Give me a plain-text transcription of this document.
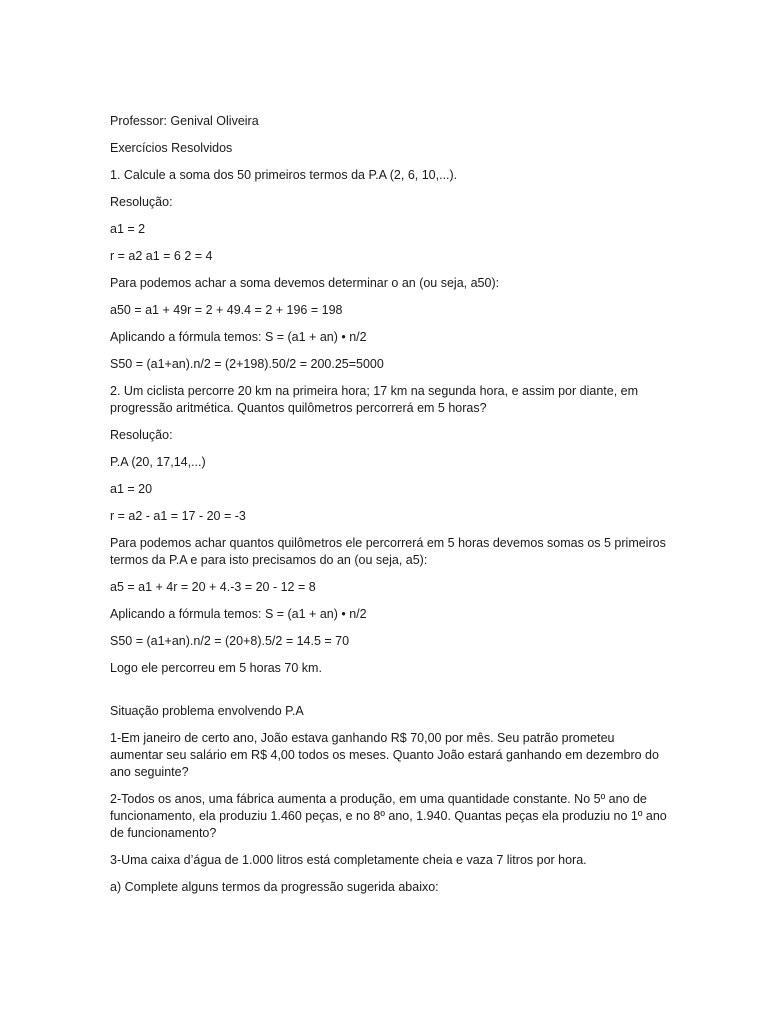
Professor: Genival Oliveira

Exercícios Resolvidos

1. Calcule a soma dos 50 primeiros termos da P.A (2, 6, 10,...).

Resolução:

a1 = 2

r = a2 a1 = 6 2 = 4

Para podemos achar a soma devemos determinar o an (ou seja, a50):

a50 = a1 + 49r = 2 + 49.4 = 2 + 196 = 198

Aplicando a fórmula temos: S = (a1 + an) • n/2

S50 = (a1+an).n/2 = (2+198).50/2 = 200.25=5000

2. Um ciclista percorre 20 km na primeira hora; 17 km na segunda hora, e assim por diante, em progressão aritmética. Quantos quilômetros percorrerá em 5 horas?

Resolução:

P.A (20, 17,14,...)

a1 = 20

r = a2 - a1 = 17 - 20 = -3

Para podemos achar quantos quilômetros ele percorrerá em 5 horas devemos somas os 5 primeiros termos da P.A e para isto precisamos do an (ou seja, a5):

a5 = a1 + 4r = 20 + 4.-3 = 20 - 12 = 8

Aplicando a fórmula temos: S = (a1 + an) • n/2

S50 = (a1+an).n/2 = (20+8).5/2 = 14.5 = 70

Logo ele percorreu em 5 horas 70 km.

Situação problema envolvendo P.A

1-Em janeiro de certo ano, João estava ganhando R$ 70,00 por mês. Seu patrão prometeu aumentar seu salário em R$ 4,00 todos os meses. Quanto João estará ganhando em dezembro do ano seguinte?

2-Todos os anos, uma fábrica aumenta a produção, em uma quantidade constante. No 5º ano de funcionamento, ela produziu 1.460 peças, e no 8º ano, 1.940. Quantas peças ela produziu no 1º ano de funcionamento?

3-Uma caixa d’água de 1.000 litros está completamente cheia e vaza 7 litros por hora.

a) Complete alguns termos da progressão sugerida abaixo:
